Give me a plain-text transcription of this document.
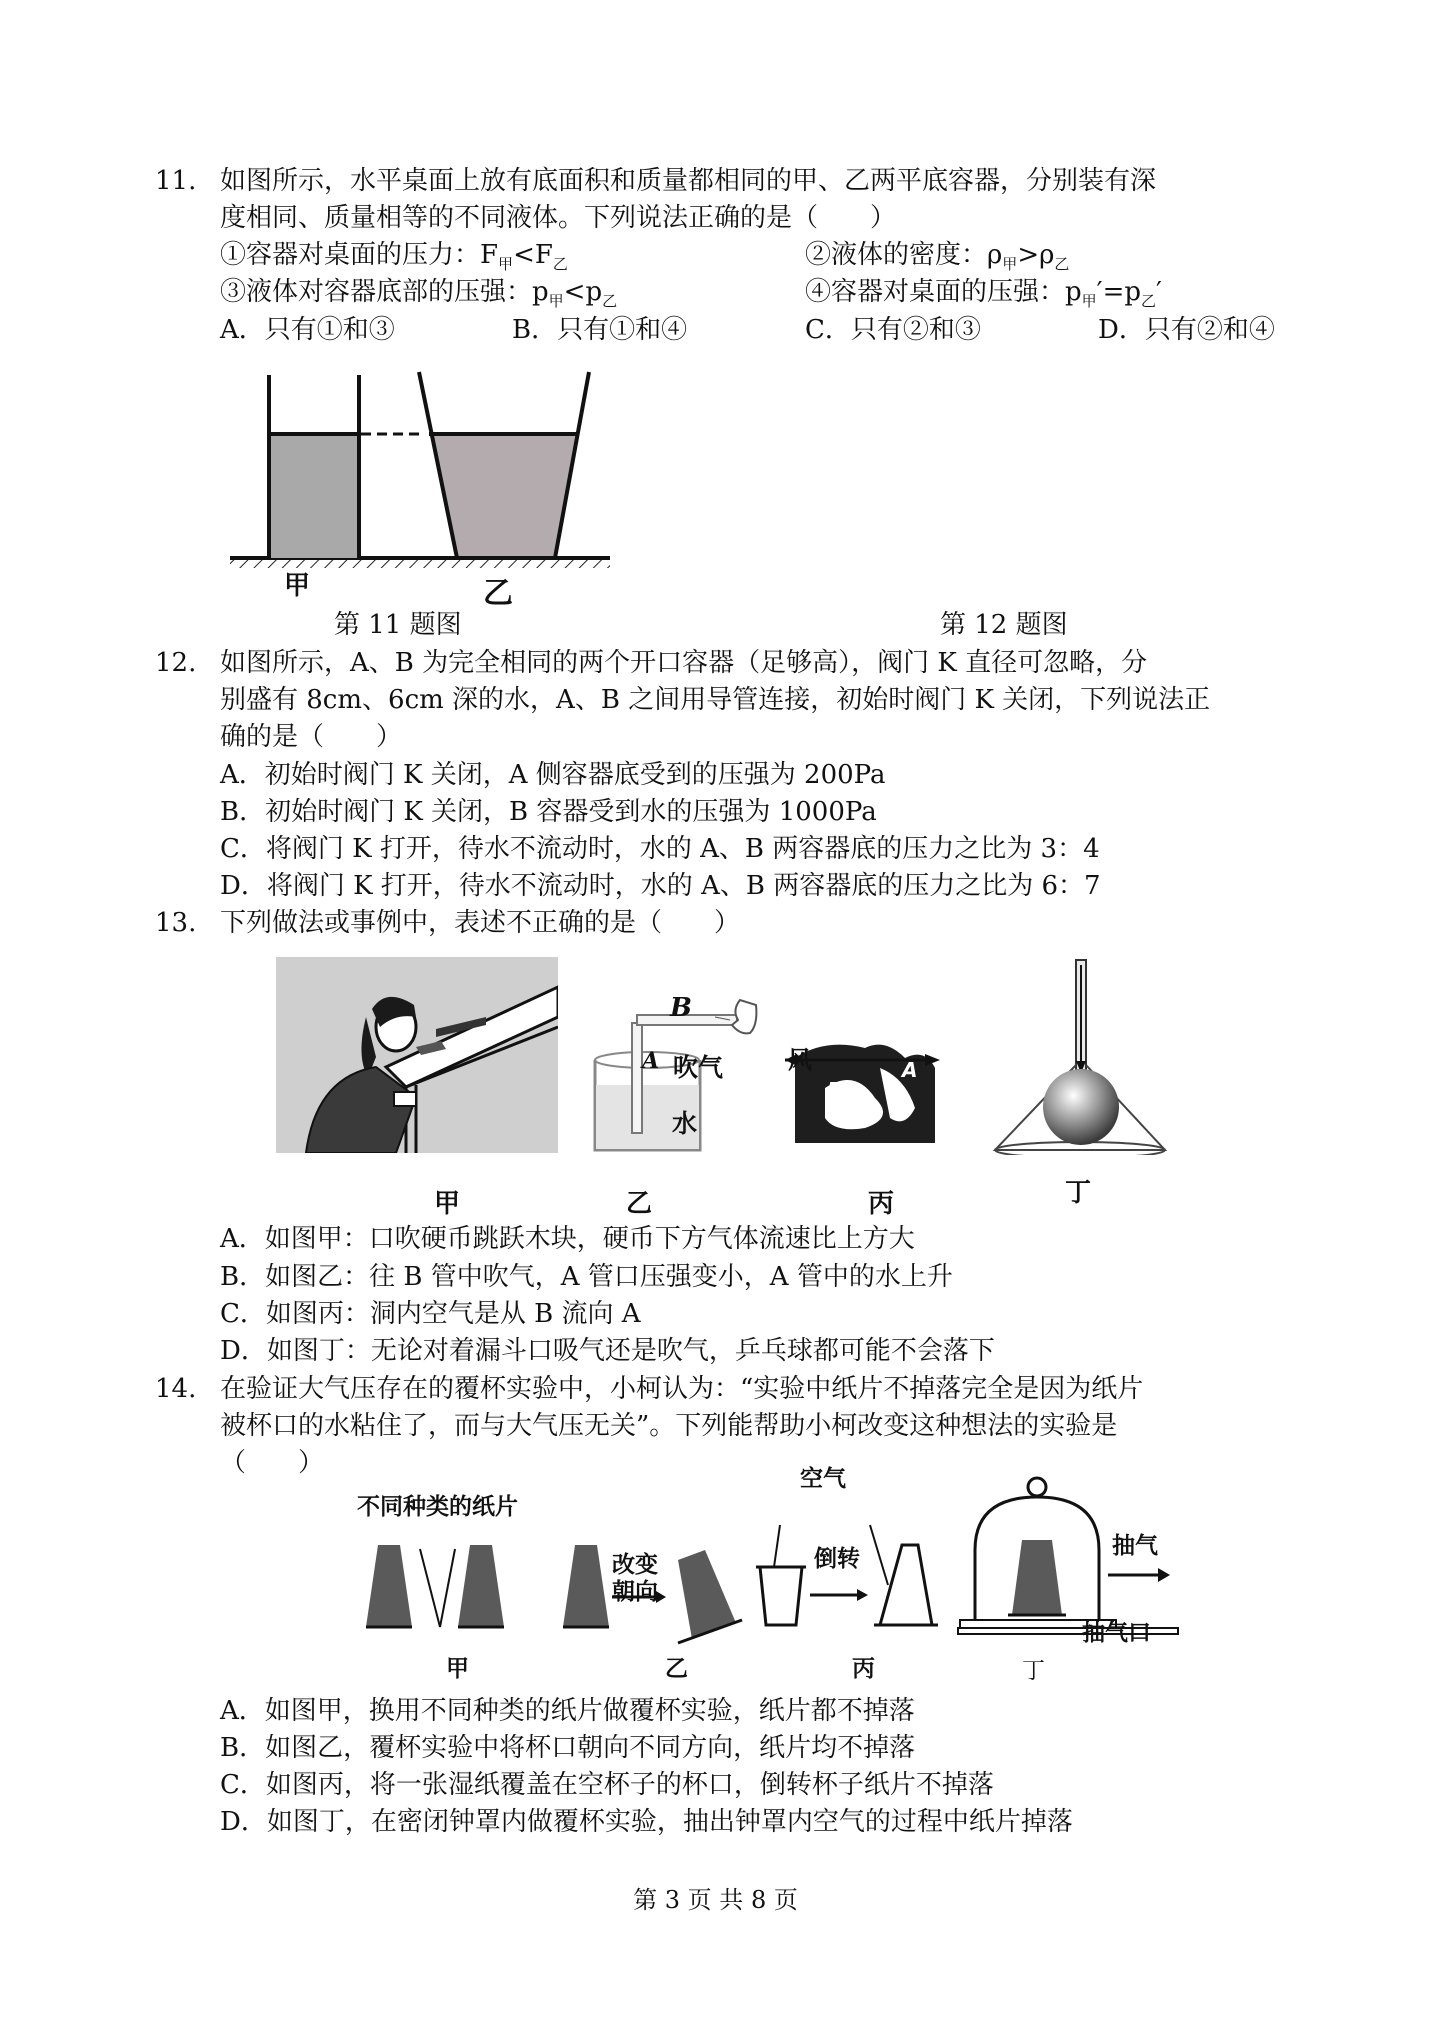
11. 如图所示，水平桌面上放有底面积和质量都相同的甲、乙两平底容器，分别装有深
度相同、质量相等的不同液体。下列说法正确的是（　　）
①容器对桌面的压力：$F_甲<F_乙$	②液体的密度：$\rho_甲>\rho_乙$
③液体对容器底部的压强：$p_甲<p_乙$	④容器对桌面的压强：$p_甲'=p_乙'$
A．只有①和③	B．只有①和④	C．只有②和③	D．只有②和④
甲	乙
第 11 题图	第 12 题图
12. 如图所示，A、B 为完全相同的两个开口容器（足够高），阀门 K 直径可忽略，分
别盛有 8cm、6cm 深的水，A、B 之间用导管连接，初始时阀门 K 关闭，下列说法正
确的是（　　）
A．初始时阀门 K 关闭，A 侧容器底受到的压强为 200Pa
B．初始时阀门 K 关闭，B 容器受到水的压强为 1000Pa
C．将阀门 K 打开，待水不流动时，水的 A、B 两容器底的压力之比为 3：4
D．将阀门 K 打开，待水不流动时，水的 A、B 两容器底的压力之比为 6：7
13. 下列做法或事例中，表述不正确的是（　　）
甲
B
A 吹气
水
乙
风
B
A
丙	丁
A．如图甲：口吹硬币跳跃木块，硬币下方气体流速比上方大
B．如图乙：往 B 管中吹气，A 管口压强变小，A 管中的水上升
C．如图丙：洞内空气是从 B 流向 A
D．如图丁：无论对着漏斗口吸气还是吹气，乒乓球都可能不会落下
14. 在验证大气压存在的覆杯实验中，小柯认为：“实验中纸片不掉落完全是因为纸片
被杯口的水粘住了，而与大气压无关”。下列能帮助小柯改变这种想法的实验是
（　　）
不同种类的纸片
改变
朝向
空气
倒转	抽气
抽气口
甲	乙	丙	丁
A．如图甲，换用不同种类的纸片做覆杯实验，纸片都不掉落
B．如图乙，覆杯实验中将杯口朝向不同方向，纸片均不掉落
C．如图丙，将一张湿纸覆盖在空杯子的杯口，倒转杯子纸片不掉落
D．如图丁，在密闭钟罩内做覆杯实验，抽出钟罩内空气的过程中纸片掉落
第 3 页 共 8 页
